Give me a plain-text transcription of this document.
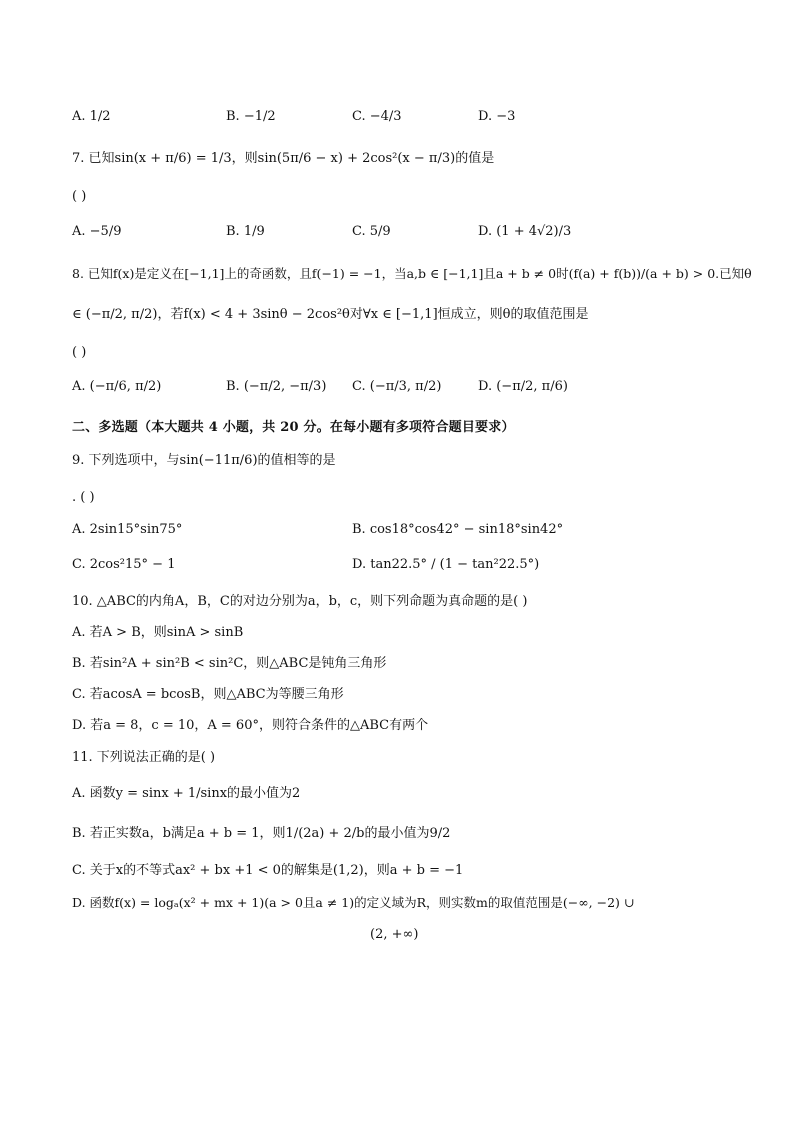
A. 1/2	B. −1/2	C. −4/3	D. −3
7. 已知sin(x + π/6) = 1/3，则sin(5π/6 − x) + 2cos²(x − π/3)的值是
( )
A. −5/9	B. 1/9	C. 5/9	D. (1 + 4√2)/3
8. 已知f(x)是定义在[−1,1]上的奇函数，且f(−1) = −1，当a,b ∈ [−1,1]且a + b ≠ 0时(f(a) + f(b))/(a + b) > 0.已知θ
∈ (−π/2, π/2)，若f(x) < 4 + 3sinθ − 2cos²θ对∀x ∈ [−1,1]恒成立，则θ的取值范围是
( )
A. (−π/6, π/2)	B. (−π/2, −π/3) C. (−π/3, π/2)	D. (−π/2, π/6)
二、多选题（本大题共 4 小题，共 20 分。在每小题有多项符合题目要求）
9. 下列选项中，与sin(−11π/6)的值相等的是
. ( )
A. 2sin15°sin75°	B. cos18°cos42° − sin18°sin42°
C. 2cos²15° − 1	D. tan22.5° / (1 − tan²22.5°)
10. △ABC的内角A，B，C的对边分别为a，b，c，则下列命题为真命题的是( )
A. 若A > B，则sinA > sinB
B. 若sin²A + sin²B < sin²C，则△ABC是钝角三角形
C. 若acosA = bcosB，则△ABC为等腰三角形
D. 若a = 8，c = 10，A = 60°，则符合条件的△ABC有两个
11. 下列说法正确的是( )
A. 函数y = sinx + 1/sinx的最小值为2
B. 若正实数a，b满足a + b = 1，则1/(2a) + 2/b的最小值为9/2
C. 关于x的不等式ax² + bx +1 < 0的解集是(1,2)，则a + b = −1
D. 函数f(x) = logₐ(x² + mx + 1)(a > 0且a ≠ 1)的定义域为R，则实数m的取值范围是(−∞, −2) ∪
(2, +∞)
